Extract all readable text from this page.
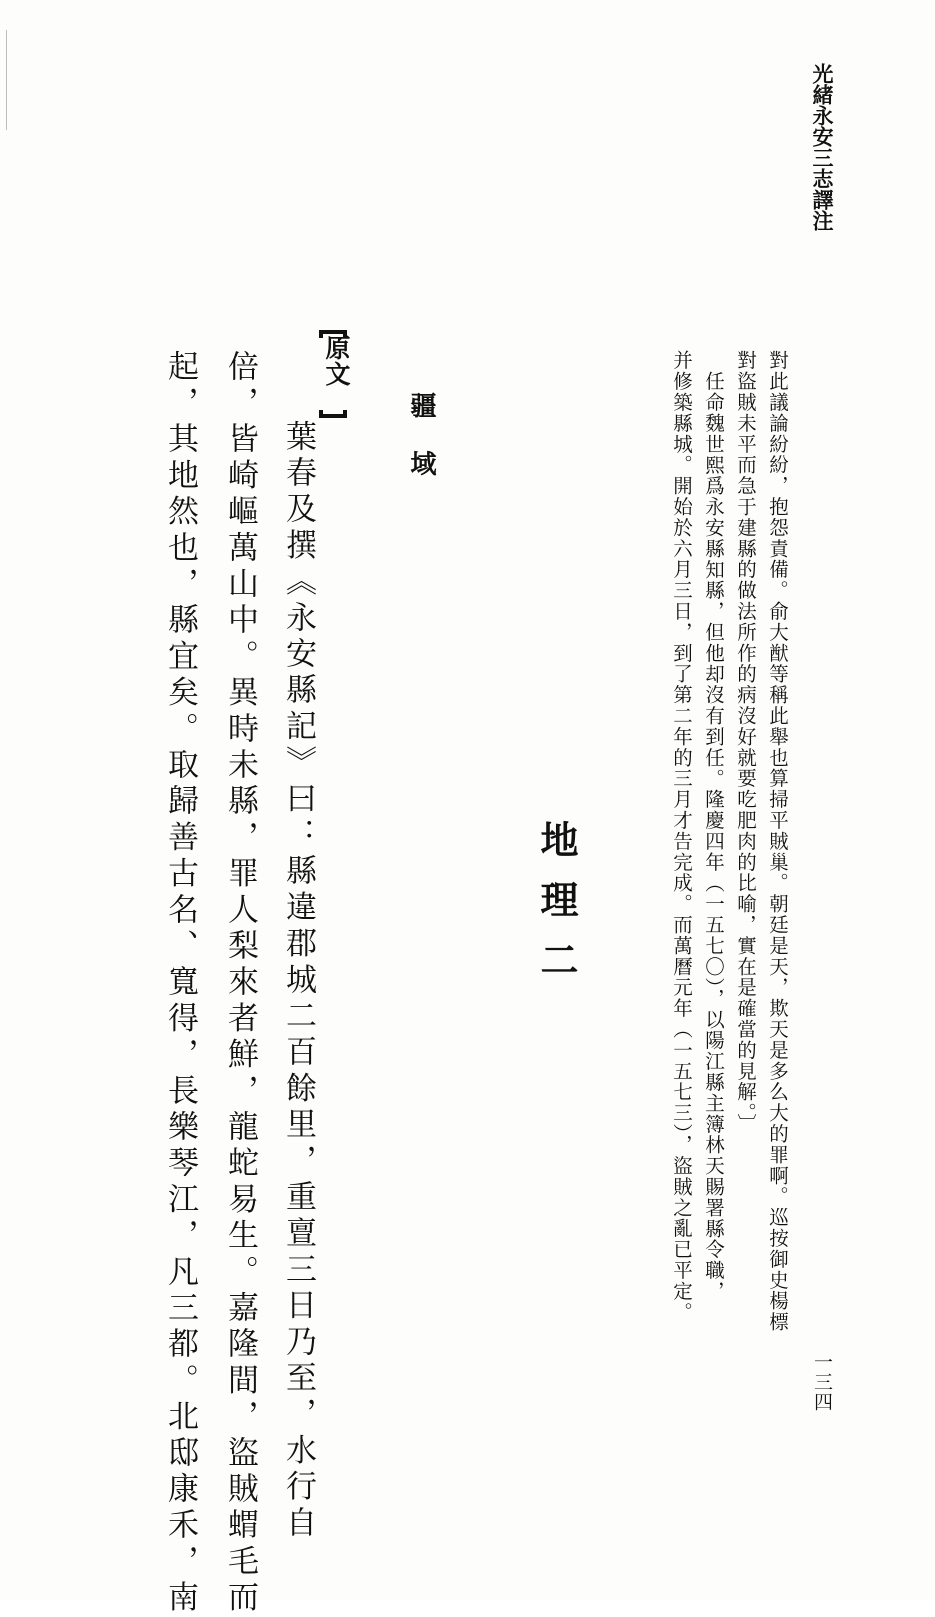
光緒永安三志譯注
一三四
對此議論紛紛，抱怨責備。俞大猷等稱此舉也算掃平賊巢。朝廷是天，欺天是多么大的罪啊。巡按御史楊標
對盜賊未平而急于建縣的做法所作的病沒好就要吃肥肉的比喻，實在是確當的見解。〕
任命魏世熙爲永安縣知縣，但他却沒有到任。隆慶四年（一五七〇），以陽江縣主簿林天賜署縣令職，
并修築縣城。開始於六月三日，到了第二年的三月才告完成。而萬曆元年（一五七三），盜賊之亂已平定。
地理二
疆域
原文
葉春及撰《永安縣記》曰：縣違郡城二百餘里，重亶三日乃至，水行自
倍，皆崎嶇萬山中。異時未縣，罪人梨來者鮮，龍蛇易生。嘉隆間，盜賊蝟毛而
起，其地然也，縣宜矣。取歸善古名、寬得，長樂琴江，凡三都。北邸康禾，南
